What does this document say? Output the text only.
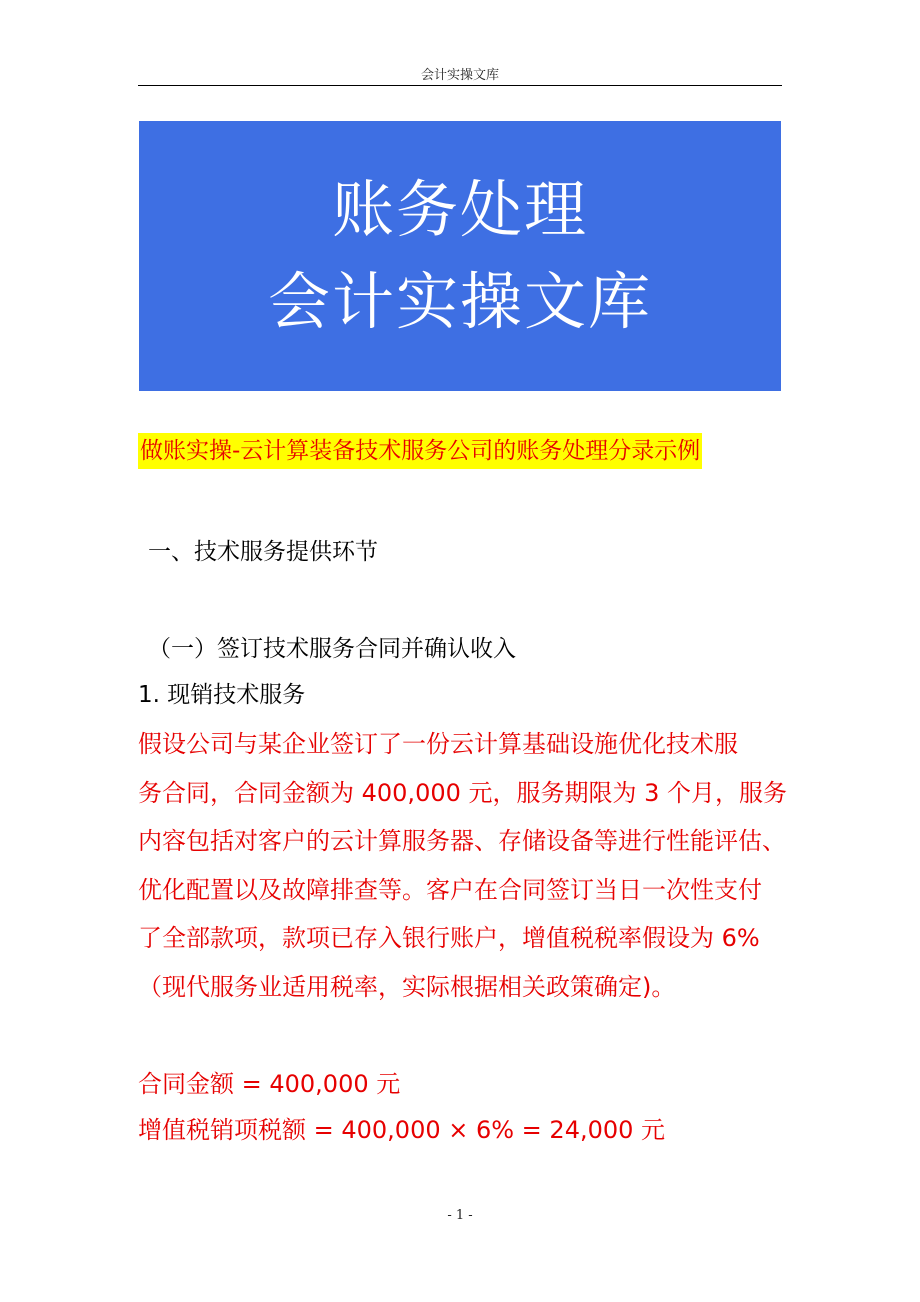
会计实操文库
账务处理
会计实操文库
做账实操-云计算装备技术服务公司的账务处理分录示例
一、技术服务提供环节
（一）签订技术服务合同并确认收入
1. 现销技术服务
假设公司与某企业签订了一份云计算基础设施优化技术服
务合同，合同金额为 400,000 元，服务期限为 3 个月，服务
内容包括对客户的云计算服务器、存储设备等进行性能评估、
优化配置以及故障排查等。客户在合同签订当日一次性支付
了全部款项，款项已存入银行账户，增值税税率假设为 6%
（现代服务业适用税率，实际根据相关政策确定)。
合同金额 = 400,000 元
增值税销项税额 = 400,000 × 6% = 24,000 元
- 1 -
